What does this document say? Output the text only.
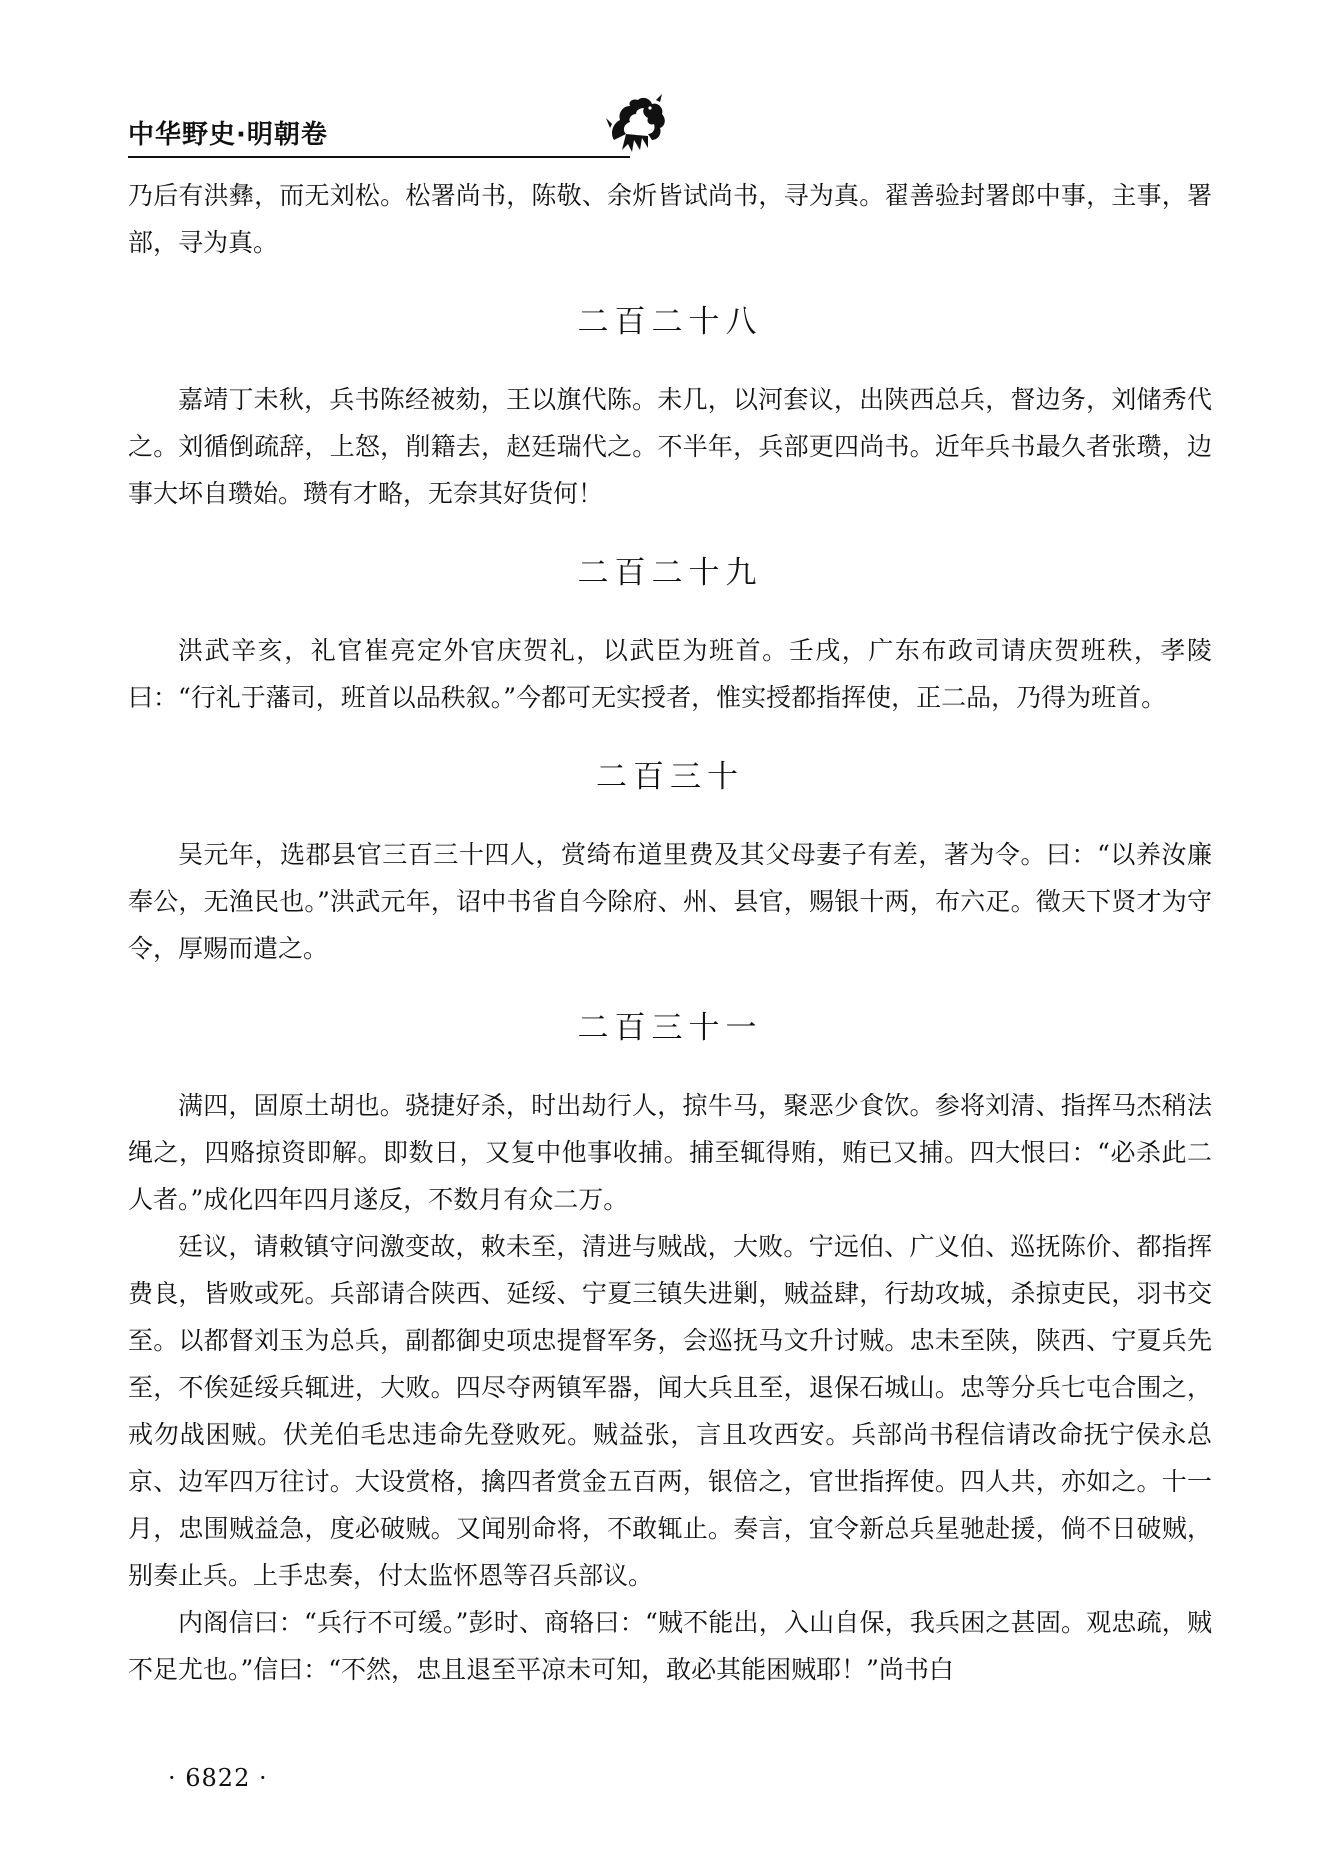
中华野史·明朝卷

乃后有洪彝，而无刘松。松署尚书，陈敬、余炘皆试尚书，寻为真。翟善验封署郎中事，主事，署部，寻为真。

二百二十八

嘉靖丁未秋，兵书陈经被劾，王以旗代陈。未几，以河套议，出陕西总兵，督边务，刘储秀代之。刘循倒疏辞，上怒，削籍去，赵廷瑞代之。不半年，兵部更四尚书。近年兵书最久者张瓒，边事大坏自瓒始。瓒有才略，无奈其好货何！

二百二十九

洪武辛亥，礼官崔亮定外官庆贺礼，以武臣为班首。壬戌，广东布政司请庆贺班秩，孝陵曰：“行礼于藩司，班首以品秩叙。”今都可无实授者，惟实授都指挥使，正二品，乃得为班首。

二百三十

吴元年，选郡县官三百三十四人，赏绮布道里费及其父母妻子有差，著为令。曰：“以养汝廉奉公，无渔民也。”洪武元年，诏中书省自今除府、州、县官，赐银十两，布六疋。徵天下贤才为守令，厚赐而遣之。

二百三十一

满四，固原土胡也。骁捷好杀，时出劫行人，掠牛马，聚恶少食饮。参将刘清、指挥马杰稍法绳之，四赂掠资即解。即数日，又复中他事收捕。捕至辄得贿，贿已又捕。四大恨曰：“必杀此二人者。”成化四年四月遂反，不数月有众二万。

廷议，请敕镇守问激变故，敕未至，清进与贼战，大败。宁远伯、广义伯、巡抚陈价、都指挥费良，皆败或死。兵部请合陕西、延绥、宁夏三镇失进剿，贼益肆，行劫攻城，杀掠吏民，羽书交至。以都督刘玉为总兵，副都御史项忠提督军务，会巡抚马文升讨贼。忠未至陕，陕西、宁夏兵先至，不俟延绥兵辄进，大败。四尽夺两镇军器，闻大兵且至，退保石城山。忠等分兵七屯合围之，戒勿战困贼。伏羌伯毛忠违命先登败死。贼益张，言且攻西安。兵部尚书程信请改命抚宁侯永总京、边军四万往讨。大设赏格，擒四者赏金五百两，银倍之，官世指挥使。四人共，亦如之。十一月，忠围贼益急，度必破贼。又闻别命将，不敢辄止。奏言，宜令新总兵星驰赴援，倘不日破贼，别奏止兵。上手忠奏，付太监怀恩等召兵部议。

内阁信曰：“兵行不可缓。”彭时、商辂曰：“贼不能出，入山自保，我兵困之甚固。观忠疏，贼不足尤也。”信曰：“不然，忠且退至平凉未可知，敢必其能困贼耶！”尚书白

· 6822 ·
